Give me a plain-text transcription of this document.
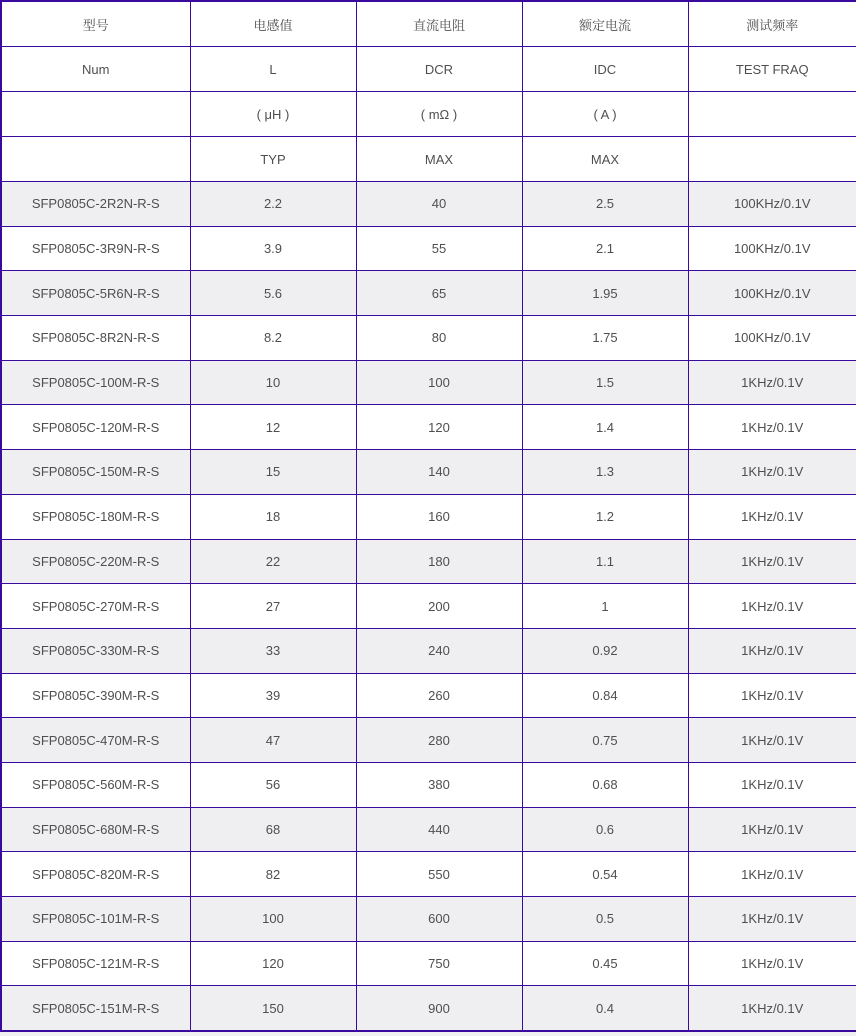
型号	电感值	直流电阻	额定电流	测试频率
Num	L	DCR	IDC	TEST FRAQ
	( μH )	( mΩ )	( A )	
	TYP	MAX	MAX	
SFP0805C-2R2N-R-S	2.2	40	2.5	100KHz/0.1V
SFP0805C-3R9N-R-S	3.9	55	2.1	100KHz/0.1V
SFP0805C-5R6N-R-S	5.6	65	1.95	100KHz/0.1V
SFP0805C-8R2N-R-S	8.2	80	1.75	100KHz/0.1V
SFP0805C-100M-R-S	10	100	1.5	1KHz/0.1V
SFP0805C-120M-R-S	12	120	1.4	1KHz/0.1V
SFP0805C-150M-R-S	15	140	1.3	1KHz/0.1V
SFP0805C-180M-R-S	18	160	1.2	1KHz/0.1V
SFP0805C-220M-R-S	22	180	1.1	1KHz/0.1V
SFP0805C-270M-R-S	27	200	1	1KHz/0.1V
SFP0805C-330M-R-S	33	240	0.92	1KHz/0.1V
SFP0805C-390M-R-S	39	260	0.84	1KHz/0.1V
SFP0805C-470M-R-S	47	280	0.75	1KHz/0.1V
SFP0805C-560M-R-S	56	380	0.68	1KHz/0.1V
SFP0805C-680M-R-S	68	440	0.6	1KHz/0.1V
SFP0805C-820M-R-S	82	550	0.54	1KHz/0.1V
SFP0805C-101M-R-S	100	600	0.5	1KHz/0.1V
SFP0805C-121M-R-S	120	750	0.45	1KHz/0.1V
SFP0805C-151M-R-S	150	900	0.4	1KHz/0.1V
